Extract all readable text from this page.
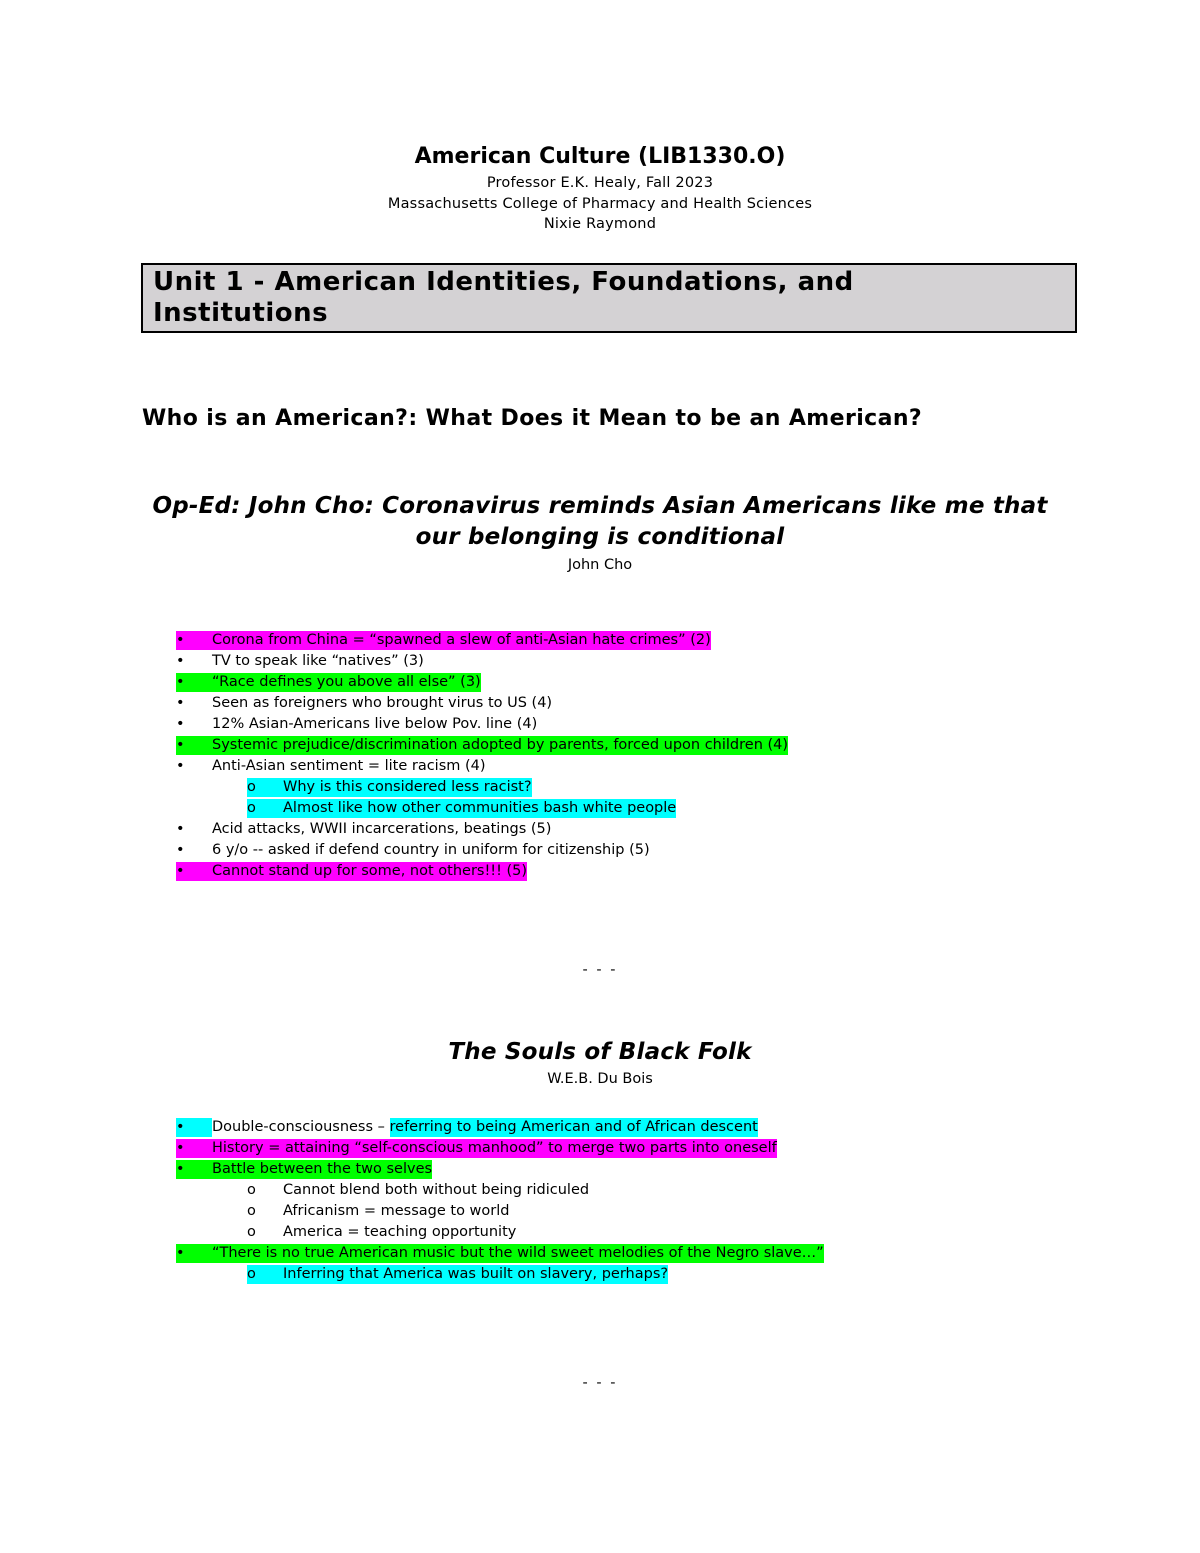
American Culture (LIB1330.O)
Professor E.K. Healy, Fall 2023
Massachusetts College of Pharmacy and Health Sciences
Nixie Raymond
Unit 1 - American Identities, Foundations, and Institutions
Who is an American?: What Does it Mean to be an American?
Op-Ed: John Cho: Coronavirus reminds Asian Americans like me that
our belonging is conditional
John Cho
• Corona from China = “spawned a slew of anti-Asian hate crimes” (2)
• TV to speak like “natives” (3)
• “Race defines you above all else” (3)
• Seen as foreigners who brought virus to US (4)
• 12% Asian-Americans live below Pov. line (4)
• Systemic prejudice/discrimination adopted by parents, forced upon children (4)
• Anti-Asian sentiment = lite racism (4)
o Why is this considered less racist?
o Almost like how other communities bash white people
• Acid attacks, WWII incarcerations, beatings (5)
• 6 y/o -- asked if defend country in uniform for citizenship (5)
• Cannot stand up for some, not others!!! (5)
- - -
The Souls of Black Folk
W.E.B. Du Bois
• Double-consciousness – referring to being American and of African descent
• History = attaining “self-conscious manhood” to merge two parts into oneself
• Battle between the two selves
o Cannot blend both without being ridiculed
o Africanism = message to world
o America = teaching opportunity
• “There is no true American music but the wild sweet melodies of the Negro slave…”
o Inferring that America was built on slavery, perhaps?
- - -
